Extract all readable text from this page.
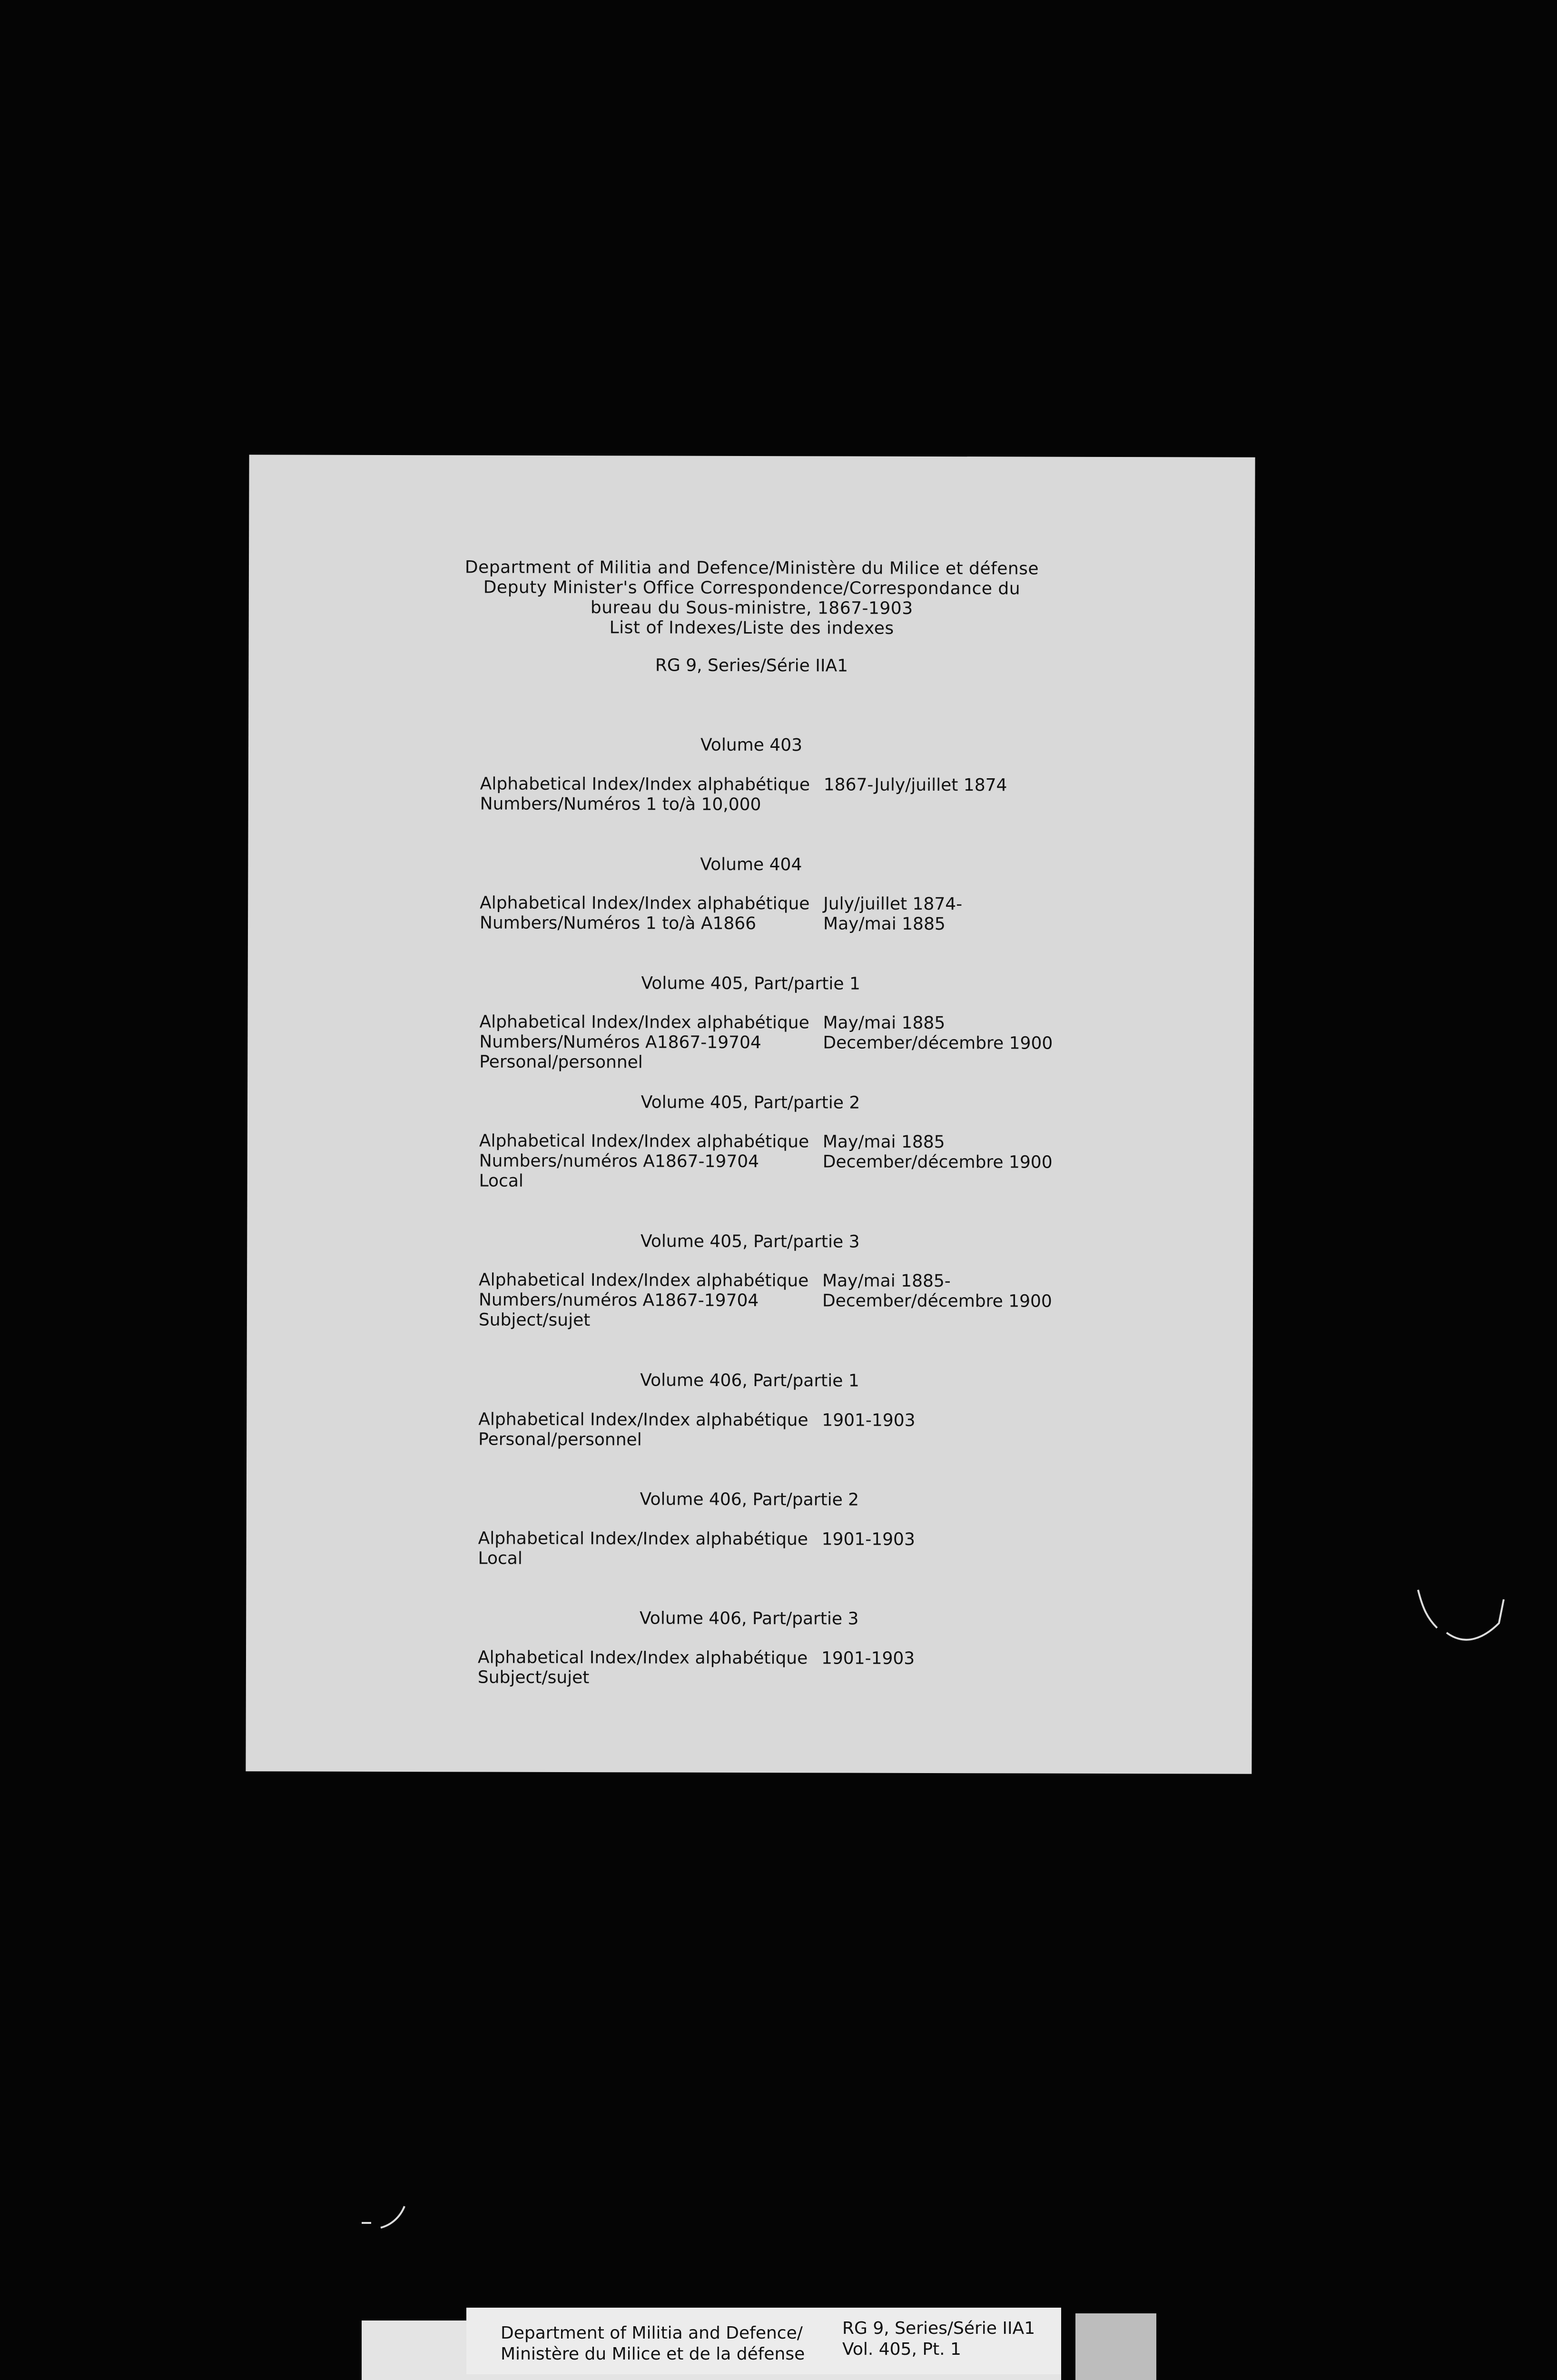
Department of Militia and Defence/Ministère du Milice et défense
Deputy Minister's Office Correspondence/Correspondance du
bureau du Sous-ministre, 1867-1903
List of Indexes/Liste des indexes
RG 9, Series/Série IIA1
Volume 403
Alphabetical Index/Index alphabétique 1867-July/juillet 1874
Numbers/Numéros 1 to/à 10,000
Volume 404
Alphabetical Index/Index alphabétique July/juillet 1874-
Numbers/Numéros 1 to/à A1866	May/mai 1885
Volume 405, Part/partie 1
Alphabetical Index/Index alphabétique May/mai 1885
Numbers/Numéros A1867-19704	December/décembre 1900
Personal/personnel
Volume 405, Part/partie 2
Alphabetical Index/Index alphabétique May/mai 1885
Numbers/numéros A1867-19704	December/décembre 1900
Local
Volume 405, Part/partie 3
Alphabetical Index/Index alphabétique May/mai 1885-
Numbers/numéros A1867-19704	December/décembre 1900
Subject/sujet
Volume 406, Part/partie 1
Alphabetical Index/Index alphabétique 1901-1903
Personal/personnel
Volume 406, Part/partie 2
Alphabetical Index/Index alphabétique 1901-1903
Local
Volume 406, Part/partie 3
Alphabetical Index/Index alphabétique 1901-1903
Subject/sujet
Department of Militia and Defence/
Ministère du Milice et de la défense
RG 9, Series/Série IIA1
Vol. 405, Pt. 1
